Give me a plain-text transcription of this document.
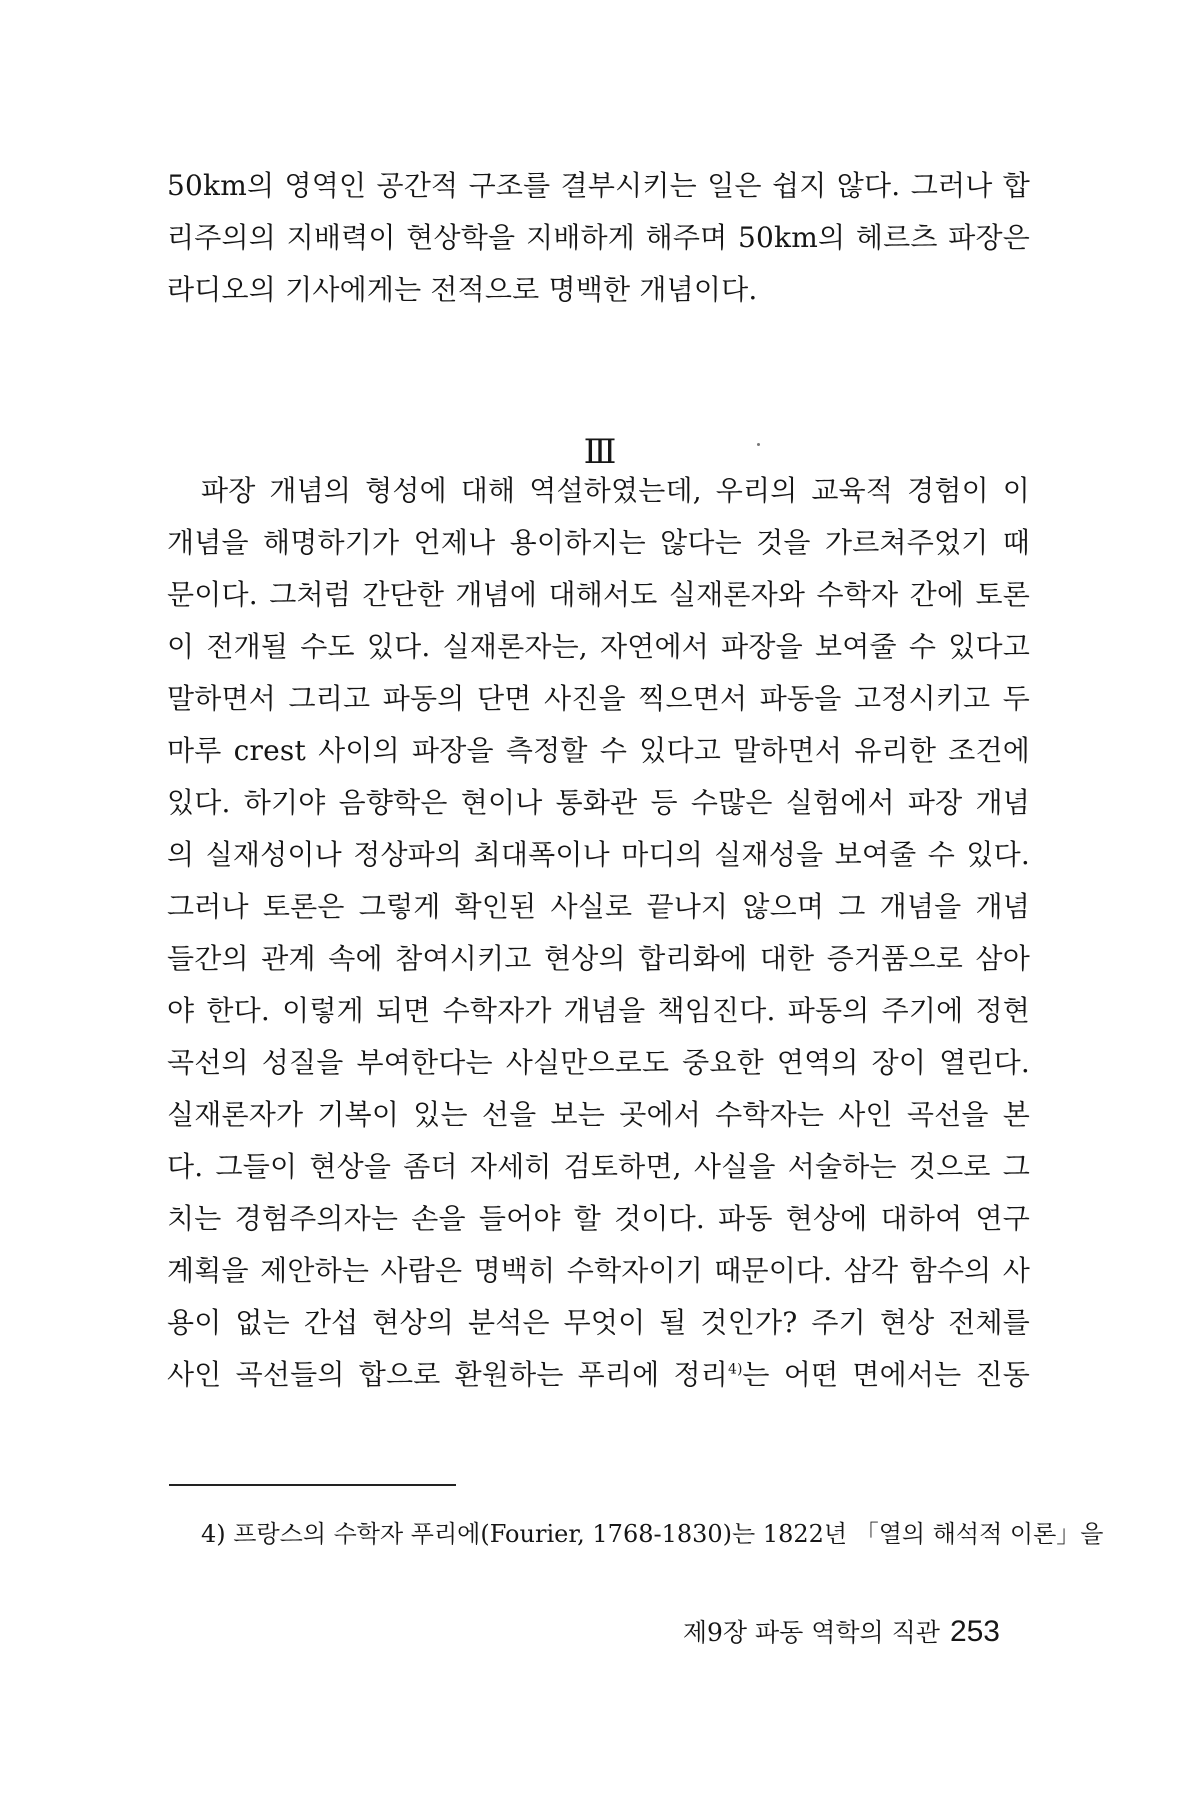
50km의 영역인 공간적 구조를 결부시키는 일은 쉽지 않다. 그러나 합
리주의의 지배력이 현상학을 지배하게 해주며 50km의 헤르츠 파장은
라디오의 기사에게는 전적으로 명백한 개념이다.
Ⅲ
파장 개념의 형성에 대해 역설하였는데, 우리의 교육적 경험이 이
개념을 해명하기가 언제나 용이하지는 않다는 것을 가르쳐주었기 때
문이다. 그처럼 간단한 개념에 대해서도 실재론자와 수학자 간에 토론
이 전개될 수도 있다. 실재론자는, 자연에서 파장을 보여줄 수 있다고
말하면서 그리고 파동의 단면 사진을 찍으면서 파동을 고정시키고 두
마루 crest 사이의 파장을 측정할 수 있다고 말하면서 유리한 조건에
있다. 하기야 음향학은 현이나 통화관 등 수많은 실험에서 파장 개념
의 실재성이나 정상파의 최대폭이나 마디의 실재성을 보여줄 수 있다.
그러나 토론은 그렇게 확인된 사실로 끝나지 않으며 그 개념을 개념
들간의 관계 속에 참여시키고 현상의 합리화에 대한 증거품으로 삼아
야 한다. 이렇게 되면 수학자가 개념을 책임진다. 파동의 주기에 정현
곡선의 성질을 부여한다는 사실만으로도 중요한 연역의 장이 열린다.
실재론자가 기복이 있는 선을 보는 곳에서 수학자는 사인 곡선을 본
다. 그들이 현상을 좀더 자세히 검토하면, 사실을 서술하는 것으로 그
치는 경험주의자는 손을 들어야 할 것이다. 파동 현상에 대하여 연구
계획을 제안하는 사람은 명백히 수학자이기 때문이다. 삼각 함수의 사
용이 없는 간섭 현상의 분석은 무엇이 될 것인가? 주기 현상 전체를
사인 곡선들의 합으로 환원하는 푸리에 정리$^{4)}$는 어떤 면에서는 진동
4) 프랑스의 수학자 푸리에(Fourier, 1768-1830)는 1822년 「열의 해석적 이론」을
제9장 파동 역학의 직관 253
